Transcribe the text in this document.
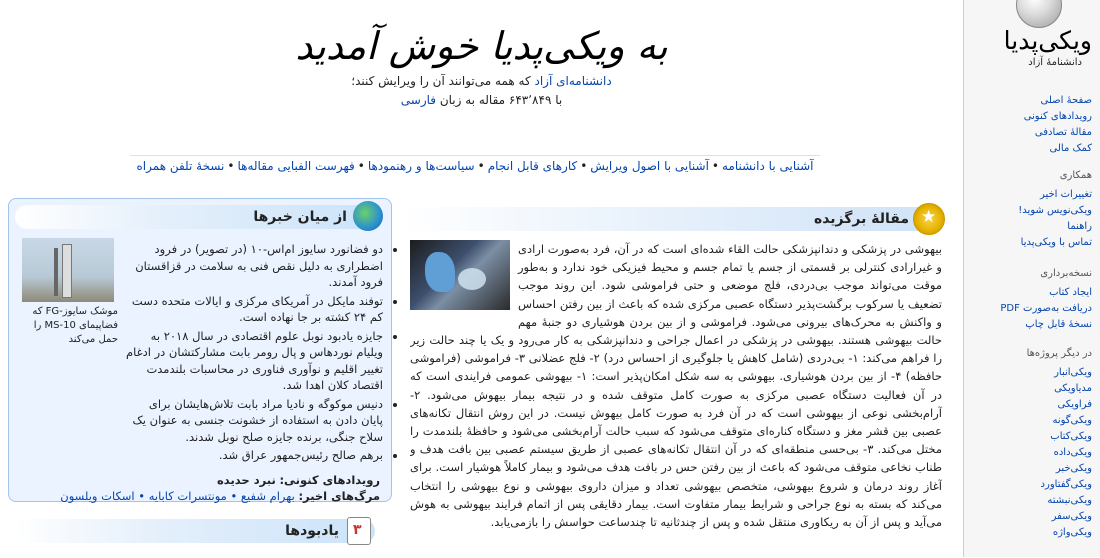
ویکی‌پدیا
دانشنامهٔ آزاد
صفحهٔ اصلی
رویدادهای کنونی
مقالهٔ تصادفی
کمک مالی
همکاری
تغییرات اخیر
ویکی‌نویس شوید!
راهنما
تماس با ویکی‌پدیا
نسخه‌برداری
ایجاد کتاب
دریافت به‌صورت PDF
نسخهٔ قابل چاپ
در دیگر پروژه‌ها
ویکی‌انبار
مدیاویکی
فراویکی
ویکی‌گونه
ویکی‌کتاب
ویکی‌داده
ویکی‌خبر
ویکی‌گفتاورد
ویکی‌نبشته
ویکی‌سفر
ویکی‌واژه
به ویکی‌پدیا خوش آمدید
دانشنامه‌ای آزاد که همه می‌توانند آن را ویرایش کنند؛
با ۶۴۳٬۸۴۹ مقاله به زبان فارسی
آشنایی با دانشنامه•آشنایی با اصول ویرایش•کارهای قابل انجام•سیاست‌ها و رهنمودها•فهرست الفبایی مقاله‌ها•نسخهٔ تلفن همراه
★
مقالهٔ برگزیده
بیهوشی در پزشکی و دندانپزشکی حالت القاء شده‌ای است که در آن، فرد به‌صورت ارادی و غیرارادی کنترلی بر قسمتی از جسم یا تمام جسم و محیط فیزیکی خود ندارد و به‌طور موقت می‌تواند موجب بی‌دردی، فلج موضعی و حتی فراموشی شود. این روند موجب تضعیف یا سرکوب برگشت‌پذیر دستگاه عصبی مرکزی شده که باعث از بین رفتن احساس و واکنش به محرک‌های بیرونی می‌شود. فراموشی و از بین بردن هوشیاری دو جنبهٔ مهم حالت بیهوشی هستند. بیهوشی در پزشکی در اعمال جراحی و دندانپزشکی به کار می‌رود و یک یا چند حالت زیر را فراهم می‌کند: ۱- بی‌دردی (شامل کاهش یا جلوگیری از احساس درد) ۲- فلج عضلانی ۳- فراموشی (فراموشی حافظه) ۴- از بین بردن هوشیاری. بیهوشی به سه شکل امکان‌پذیر است: ۱- بیهوشی عمومی فرایندی است که در آن فعالیت دستگاه عصبی مرکزی به صورت کامل متوقف شده و در نتیجه بیمار بیهوش می‌شود. ۲- آرام‌بخشی نوعی از بیهوشی است که در آن فرد به صورت کامل بیهوش نیست. در این روش انتقال تکانه‌های عصبی بین قشر مغز و دستگاه کناره‌ای متوقف می‌شود که سبب حالت آرام‌بخشی می‌شود و حافظهٔ بلندمدت را مختل می‌کند. ۳- بی‌حسی منطقه‌ای که در آن انتقال تکانه‌های عصبی از طریق سیستم عصبی بین بافت هدف و طناب نخاعی متوقف می‌شود که باعث از بین رفتن حس در بافت هدف می‌شود و بیمار کاملاً هوشیار است. برای آغاز روند درمان و شروع بیهوشی، متخصص بیهوشی تعداد و میزان داروی بیهوشی و نوع بیهوشی را انتخاب می‌کند که بسته به نوع جراحی و شرایط بیمار متفاوت است. بیمار دقایقی پس از اتمام فرایند بیهوشی به هوش می‌آید و پس از آن به ریکاوری منتقل شده و پس از چندثانیه تا چندساعت حواسش را بازمی‌یابد.
از میان خبرها
موشک سایوز-FG که فضاپیمای MS-10 را حمل می‌کند
• دو فضانورد سایوز ام‌اس-۱۰ (در تصویر) در فرود اضطراری به دلیل نقص فنی به سلامت در قزاقستان فرود آمدند.
• توفند مایکل در آمریکای مرکزی و ایالات متحده دست کم ۲۴ کشته بر جا نهاده است.
• جایزه یادبود نوبل علوم اقتصادی در سال ۲۰۱۸ به ویلیام نوردهاس و پال رومر بابت مشارکتشان در ادغام تغییر اقلیم و نوآوری فناوری در محاسبات بلندمدت اقتصاد کلان اهدا شد.
• دنیس موکوگه و نادیا مراد بابت تلاش‌هایشان برای پایان دادن به استفاده از خشونت جنسی به عنوان یک سلاح جنگی، برنده جایزه صلح نوبل شدند.
• برهم صالح رئیس‌جمهور عراق شد.
رویدادهای کنونی: نبرد حدیده
مرگ‌های اخیر: بهرام شفیع • مونتسرات کابایه • اسکات ویلسون
۳
یادبودها
